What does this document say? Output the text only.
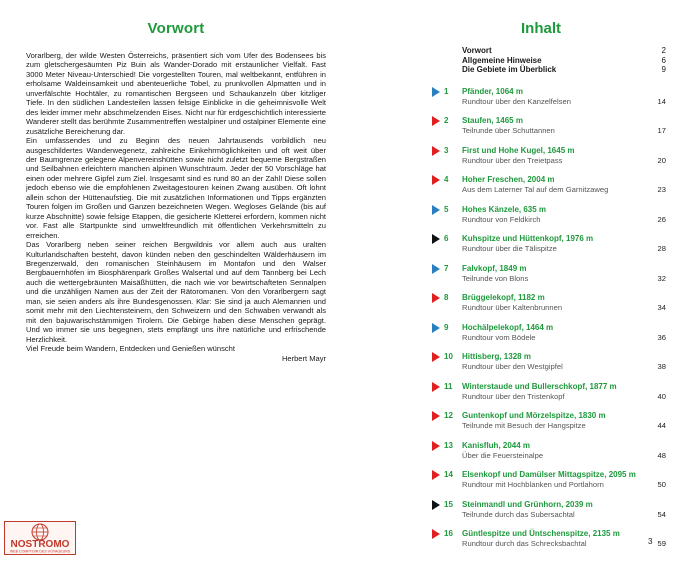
Vorwort

Vorarlberg, der wilde Westen Österreichs, präsentiert sich vom Ufer des Bodensees bis zum gletschergesäumten Piz Buin als Wander-Dorado mit erstaunlicher Vielfalt. Fast 3000 Meter Niveau-Unterschied! Die vorgestellten Touren, mal weltbekannt, entführen in erholsame Waldeinsamkeit und abenteuerliche Tobel, zu prunkvollen Alpmatten und in unverfälschte Hochtäler, zu romantischen Bergseen und Schaukanzeln über kitzliger Tiefe. In den südlichen Landesteilen lassen felsige Einblicke in die geheimnisvolle Welt des leider immer mehr abschmelzenden Eises. Nicht nur für erdgeschichtlich interessierte Wanderer stellt das berühmte Zusammentreffen westalpiner und ostalpiner Elemente eine zusätzliche Bereicherung dar.

Ein umfassendes und zu Beginn des neuen Jahrtausends vorbildlich neu ausgeschildertes Wanderwegenetz, zahlreiche Einkehrmöglichkeiten und oft weit über der Baumgrenze gelegene Alpenvereinshütten sowie nicht zuletzt bequeme Bergstraßen und Seilbahnen erleichtern manchen alpinen Wunschtraum. Jeder der 50 Vorschläge hat einen oder mehrere Gipfel zum Ziel. Insgesamt sind es rund 80 an der Zahl! Diese sollen jedoch ebenso wie die empfohlenen Zweitagestouren keinen Zwang ausüben. Oft lohnt allein schon der Hüttenaufstieg. Die mit zusätzlichen Informationen und Tipps ergänzten Touren folgen im Großen und Ganzen bezeichneten Wegen. Wegloses Gelände (bis auf kurze Abschnitte) sowie felsige Etappen, die gesicherte Kletterei erfordern, kommen nicht vor. Fast alle Startpunkte sind umweltfreundlich mit öffentlichen Verkehrsmitteln zu erreichen.

Das Vorarlberg neben seiner reichen Bergwildnis vor allem auch aus uralten Kulturlandschaften besteht, davon künden neben den geschindelten Wälderhäusern im Bregenzerwald, den romanischen Steinhäusern im Montafon und den Walser Bergbauernhöfen im Biosphärenpark Großes Walsertal und auf dem Tannberg bei Lech auch die wettergebräunten Maisäßhütten, die nach wie vor bewirtschafteten Sennalpen und die unzähligen Namen aus der Zeit der Rätoromanen. Von den Vorarlbergern sagt man, sie seien anders als ihre Bundesgenossen. Klar: Sie sind ja auch Alemannen und somit mehr mit den Liechtensteinern, den Schweizern und den Schwaben verwandt als mit den bajuwarischstämmigen Tirolern. Die Gebirge haben diese Menschen geprägt. Und wo immer sie uns begegnen, stets empfängt uns ihre natürliche und erfrischende Herzlichkeit.

Viel Freude beim Wandern, Entdecken und Genießen wünscht

Herbert Mayr

Inhalt
Vorwort	2
Allgemeine Hinweise	6
Die Gebiete im Überblick	9
1	Pfänder, 1064 m
Rundtour über den Kanzelfelsen	14
2	Staufen, 1465 m
Teilrunde über Schuttannen	17
3	First und Hohe Kugel, 1645 m
Rundtour über den Treietpass	20
4	Hoher Freschen, 2004 m
Aus dem Laterner Tal auf dem Garnitzaweg	23
5	Hohes Känzele, 635 m
Rundtour von Feldkirch	26
6	Kuhspitze und Hüttenkopf, 1976 m
Rundtour über die Tälispitze	28
7	Falvkopf, 1849 m
Teilrunde von Blons	32
8	Brüggelekopf, 1182 m
Rundtour über Kaltenbrunnen	34
9	Hochälpelekopf, 1464 m
Rundtour vom Bödele	36
10	Hittisberg, 1328 m
Rundtour über den Westgipfel	38
11	Winterstaude und Bullerschkopf, 1877 m
Rundtour über den Tristenkopf	40
12	Guntenkopf und Mörzelspitze, 1830 m
Teilrunde mit Besuch der Hangspitze	44
13	Kanisfluh, 2044 m
Über die Feuersteinalpe	48
14	Elsenkopf und Damülser Mittagspitze, 2095 m
Rundtour mit Hochblanken und Portlahorn	50
15	Steinmandl und Grünhorn, 2039 m
Teilrunde durch das Subersachtal	54
16	Güntlespitze und Üntschenspitze, 2135 m
Rundtour durch das Schrecksbachtal	59
3
NOSTROMO
WEB COMPTOIR DES VOYAGEURS
